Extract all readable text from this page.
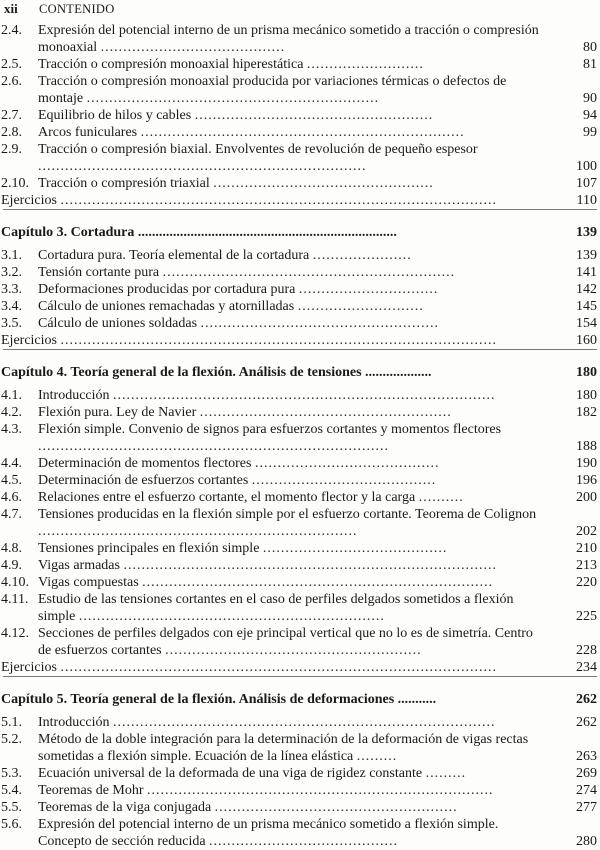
xii CONTENIDO
2.4. Expresión del potencial interno de un prisma mecánico sometido a tracción o compresión monoaxial .........................................	80
2.5. Tracción o compresión monoaxial hiperestática ..........................	81
2.6. Tracción o compresión monoaxial producida por variaciones térmicas o defectos de montaje .................................................................	90
2.7. Equilibrio de hilos y cables .....................................................	94
2.8. Arcos funiculares ........................................................................	99
2.9. Tracción o compresión biaxial. Envolventes de revolución de pequeño espesor .........................................................................	100
2.10. Tracción o compresión triaxial .................................................	107
Ejercicios .................................................................................................	110
Capítulo 3. Cortadura ..........................................................................	139
3.1. Cortadura pura. Teoría elemental de la cortadura ......................	139
3.2. Tensión cortante pura .................................................................	141
3.3. Deformaciones producidas por cortadura pura ...............................	142
3.4. Cálculo de uniones remachadas y atornilladas ............................	145
3.5. Cálculo de uniones soldadas .....................................................	154
Ejercicios .................................................................................................	160
Capítulo 4. Teoría general de la flexión. Análisis de tensiones ...................	180
4.1. Introducción .....................................................................................	180
4.2. Flexión pura. Ley de Navier ........................................................	182
4.3. Flexión simple. Convenio de signos para esfuerzos cortantes y momentos flectores ..............................................................................	188
4.4. Determinación de momentos flectores .........................................	190
4.5. Determinación de esfuerzos cortantes .........................................	196
4.6. Relaciones entre el esfuerzo cortante, el momento flector y la carga ..........	200
4.7. Tensiones producidas en la flexión simple por el esfuerzo cortante. Teorema de Colignon .......................................................................	202
4.8. Tensiones principales en flexión simple .........................................	210
4.9. Vigas armadas ...................................................................................	213
4.10. Vigas compuestas ..............................................................................	220
4.11. Estudio de las tensiones cortantes en el caso de perfiles delgados sometidos a flexión simple ....................................................................	225
4.12. Secciones de perfiles delgados con eje principal vertical que no lo es de simetría. Centro de esfuerzos cortantes .........................................................	228
Ejercicios .................................................................................................	234
Capítulo 5. Teoría general de la flexión. Análisis de deformaciones ...........	262
5.1. Introducción .....................................................................................	262
5.2. Método de la doble integración para la determinación de la deformación de vigas rectas sometidas a flexión simple. Ecuación de la línea elástica .........	263
5.3. Ecuación universal de la deformada de una viga de rigidez constante .........	269
5.4. Teoremas de Mohr .............................................................................	274
5.5. Teoremas de la viga conjugada ......................................................	277
5.6. Expresión del potencial interno de un prisma mecánico sometido a flexión simple. Concepto de sección reducida ..........................................	280
